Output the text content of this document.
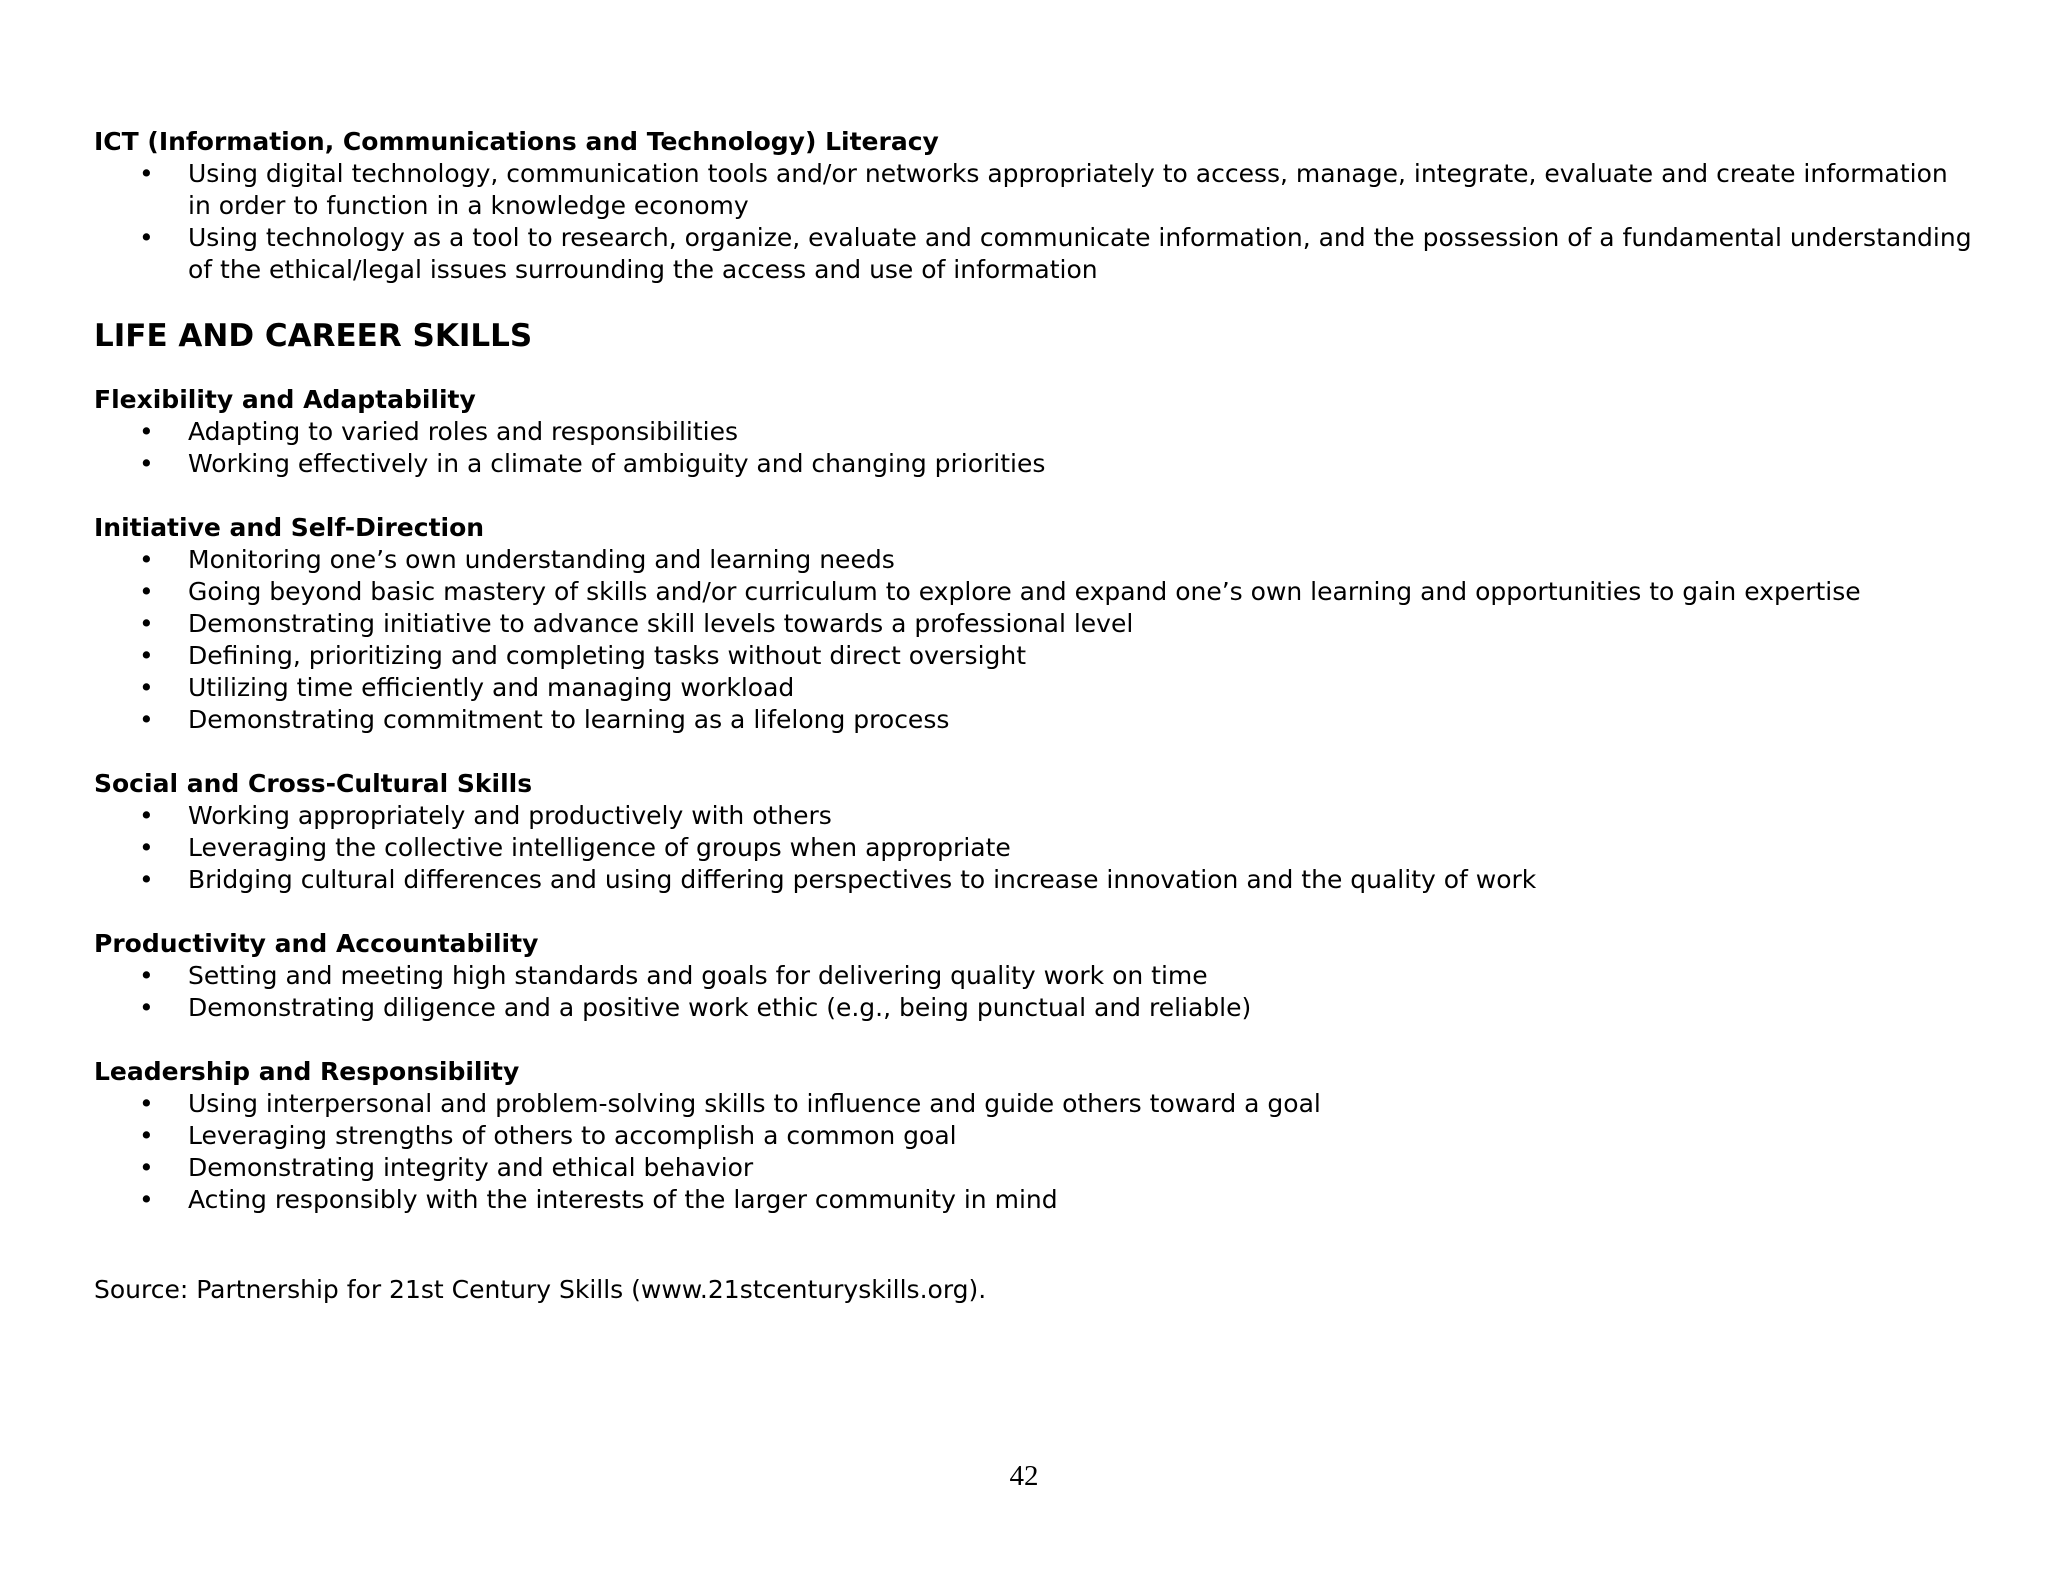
ICT (Information, Communications and Technology) Literacy

• Using digital technology, communication tools and/or networks appropriately to access, manage, integrate, evaluate and create information in order to function in a knowledge economy
• Using technology as a tool to research, organize, evaluate and communicate information, and the possession of a fundamental understanding of the ethical/legal issues surrounding the access and use of information
LIFE AND CAREER SKILLS

Flexibility and Adaptability

• Adapting to varied roles and responsibilities
• Working effectively in a climate of ambiguity and changing priorities

Initiative and Self-Direction

• Monitoring one’s own understanding and learning needs
• Going beyond basic mastery of skills and/or curriculum to explore and expand one’s own learning and opportunities to gain expertise
• Demonstrating initiative to advance skill levels towards a professional level
• Defining, prioritizing and completing tasks without direct oversight
• Utilizing time efficiently and managing workload
• Demonstrating commitment to learning as a lifelong process

Social and Cross-Cultural Skills

• Working appropriately and productively with others
• Leveraging the collective intelligence of groups when appropriate
• Bridging cultural differences and using differing perspectives to increase innovation and the quality of work

Productivity and Accountability

• Setting and meeting high standards and goals for delivering quality work on time
• Demonstrating diligence and a positive work ethic (e.g., being punctual and reliable)

Leadership and Responsibility

• Using interpersonal and problem-solving skills to influence and guide others toward a goal
• Leveraging strengths of others to accomplish a common goal
• Demonstrating integrity and ethical behavior
• Acting responsibly with the interests of the larger community in mind

Source: Partnership for 21st Century Skills (www.21stcenturyskills.org).

42
